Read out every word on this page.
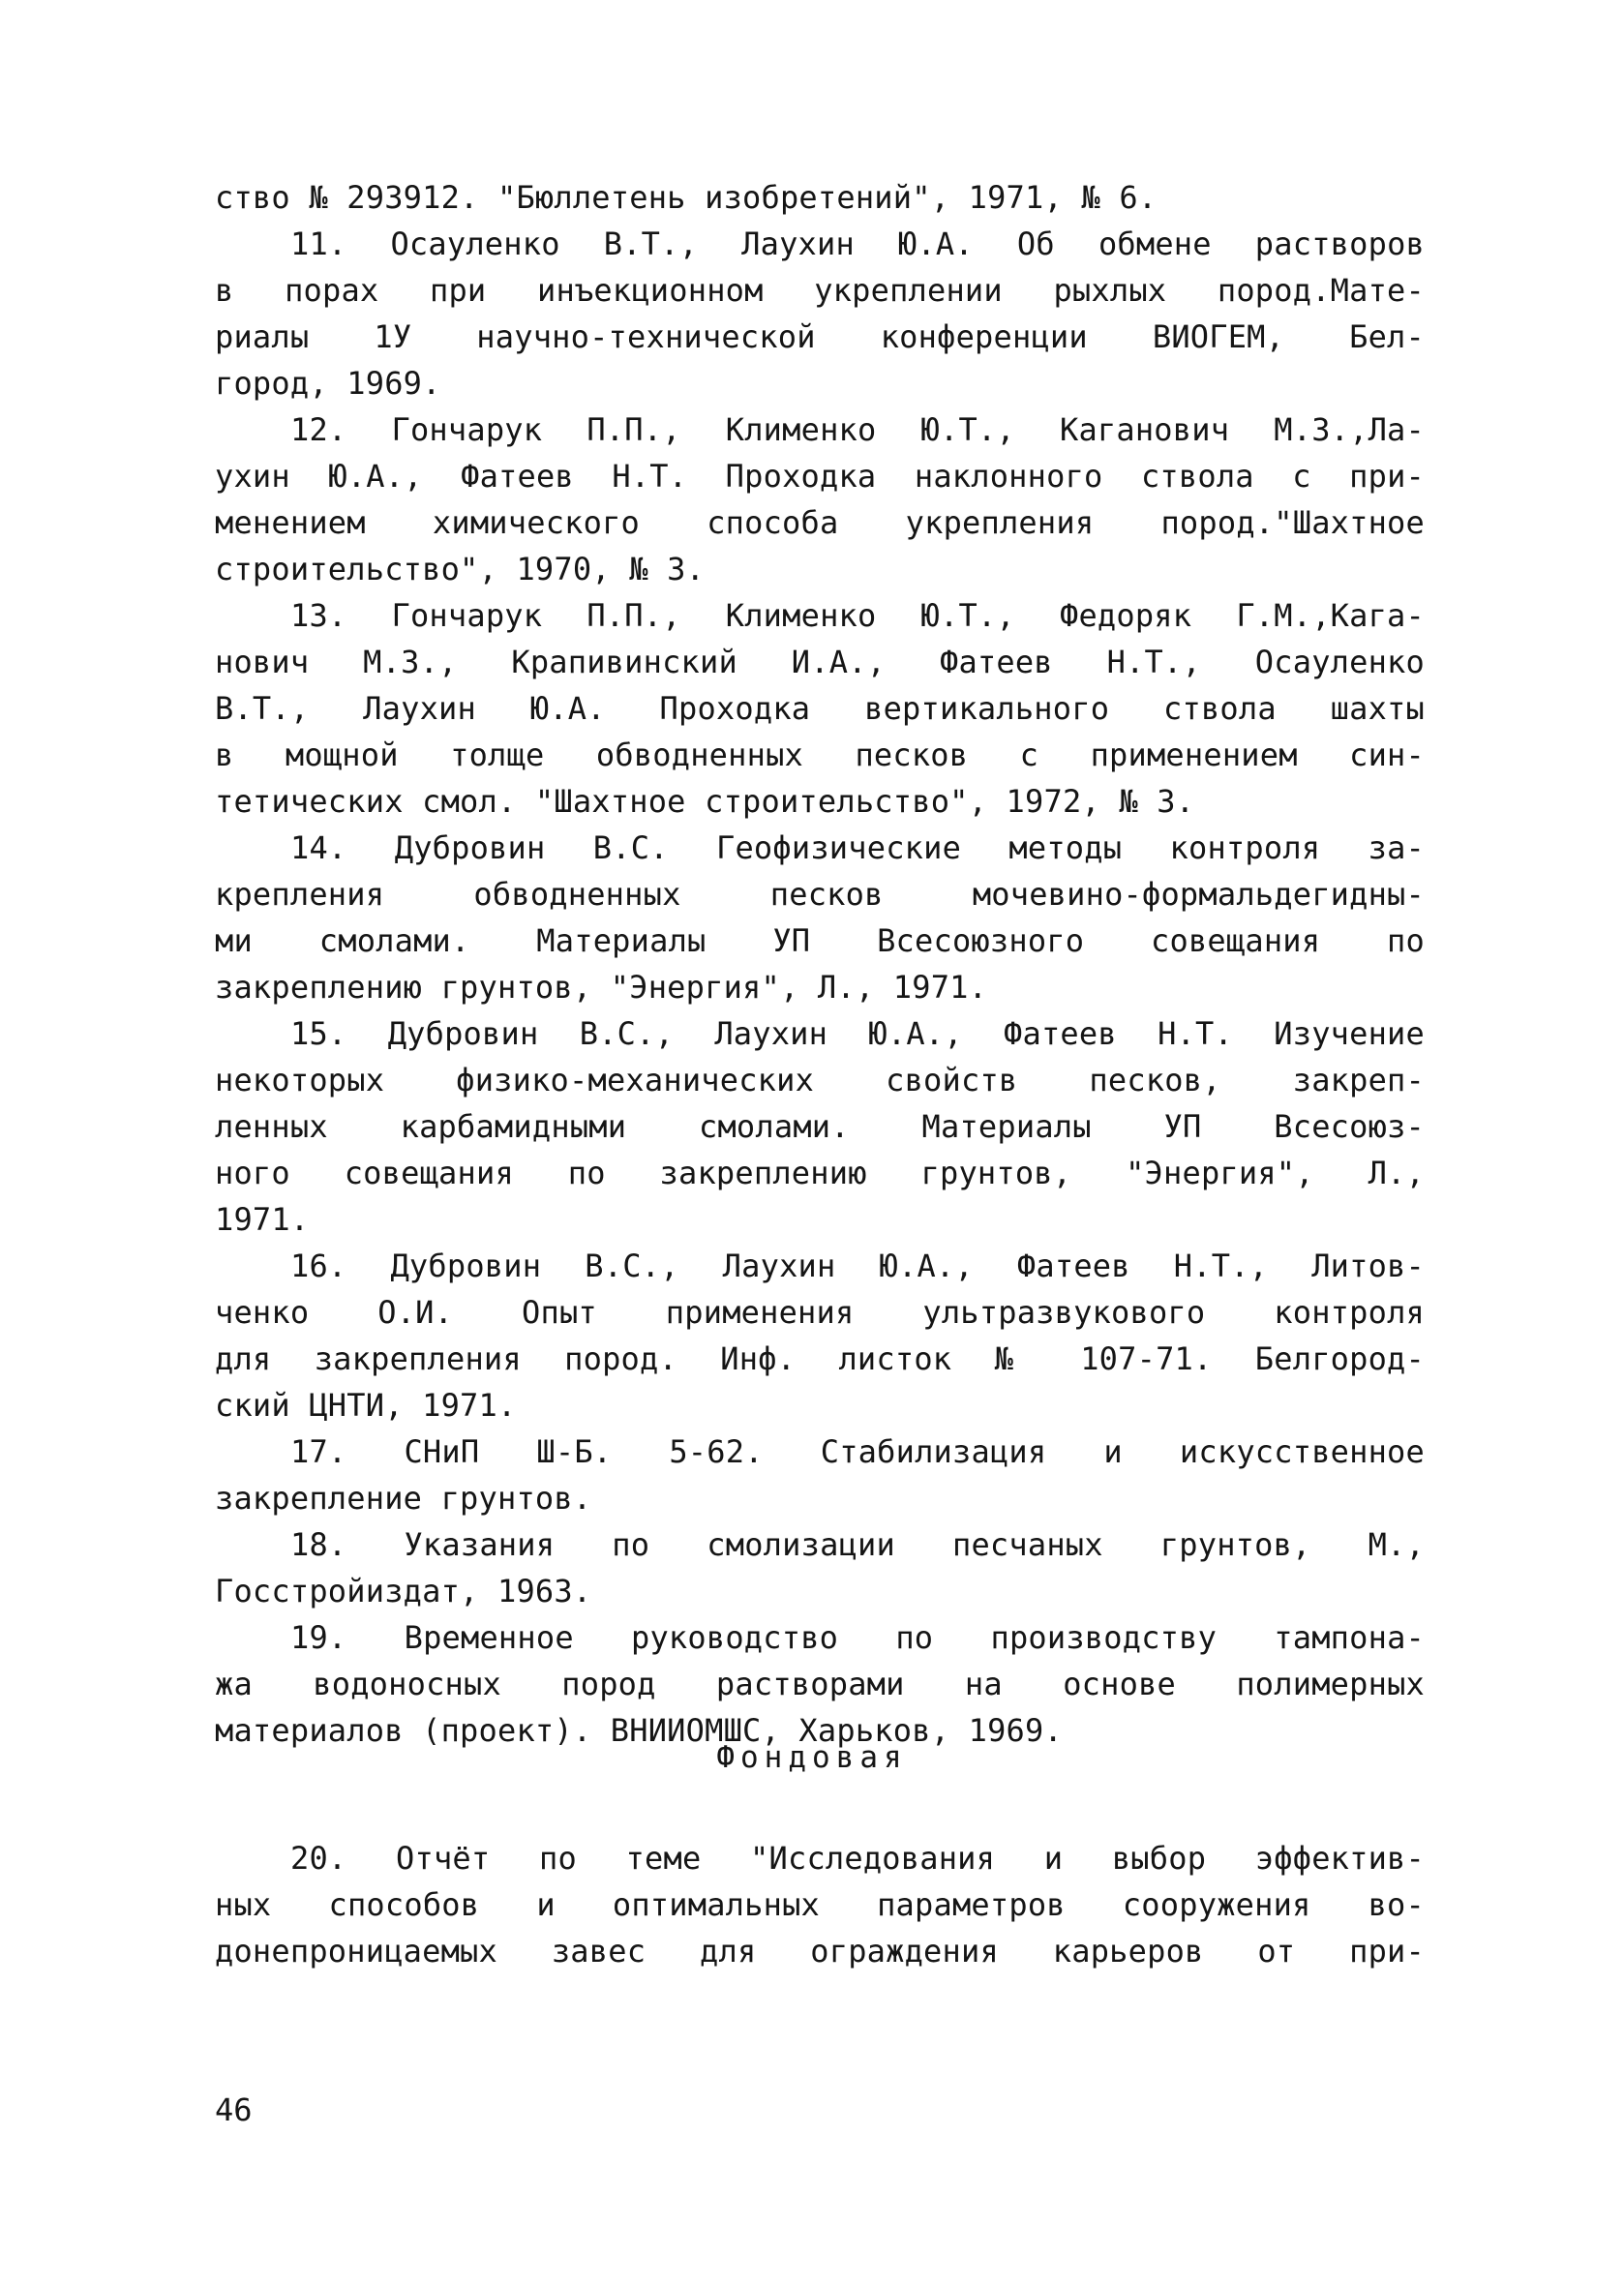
ство № 293912. "Бюллетень изобретений", 1971, № 6.
11. Осауленко В.Т., Лаухин Ю.А. Об обмене растворов
в порах при инъекционном укреплении рыхлых пород.Мате-
риалы 1У научно-технической конференции ВИОГЕМ, Бел-
город, 1969.
12. Гончарук П.П., Клименко Ю.Т., Каганович М.З.,Ла-
ухин Ю.А., Фатеев Н.Т. Проходка наклонного ствола с при-
менением химического способа укрепления пород."Шахтное
строительство", 1970, № 3.
13. Гончарук П.П., Клименко Ю.Т., Федоряк Г.М.,Кага-
нович М.З., Крапивинский И.А., Фатеев Н.Т., Осауленко
В.Т., Лаухин Ю.А. Проходка вертикального ствола шахты
в мощной толще обводненных песков с применением син-
тетических смол. "Шахтное строительство", 1972, № 3.
14. Дубровин В.С. Геофизические методы контроля за-
крепления обводненных песков мочевино-формальдегидны-
ми смолами. Материалы УП Всесоюзного совещания по
закреплению грунтов, "Энергия", Л., 1971.
15. Дубровин В.С., Лаухин Ю.А., Фатеев Н.Т. Изучение
некоторых физико-механических свойств песков, закреп-
ленных карбамидными смолами. Материалы УП Всесоюз-
ного совещания по закреплению грунтов, "Энергия", Л.,
1971.
16. Дубровин В.С., Лаухин Ю.А., Фатеев Н.Т., Литов-
ченко О.И. Опыт применения ультразвукового контроля
для закрепления пород. Инф. листок № 107-71. Белгород-
ский ЦНТИ, 1971.
17. СНиП Ш-Б. 5-62. Стабилизация и искусственное
закрепление грунтов.
18. Указания по смолизации песчаных грунтов, М.,
Госстройиздат, 1963.
19. Временное руководство по производству тампона-
жа водоносных пород растворами на основе полимерных
материалов (проект). ВНИИОМШС, Харьков, 1969.
Фондовая
20. Отчёт по теме "Исследования и выбор эффектив-
ных способов и оптимальных параметров сооружения во-
донепроницаемых завес для ограждения карьеров от при-
46
